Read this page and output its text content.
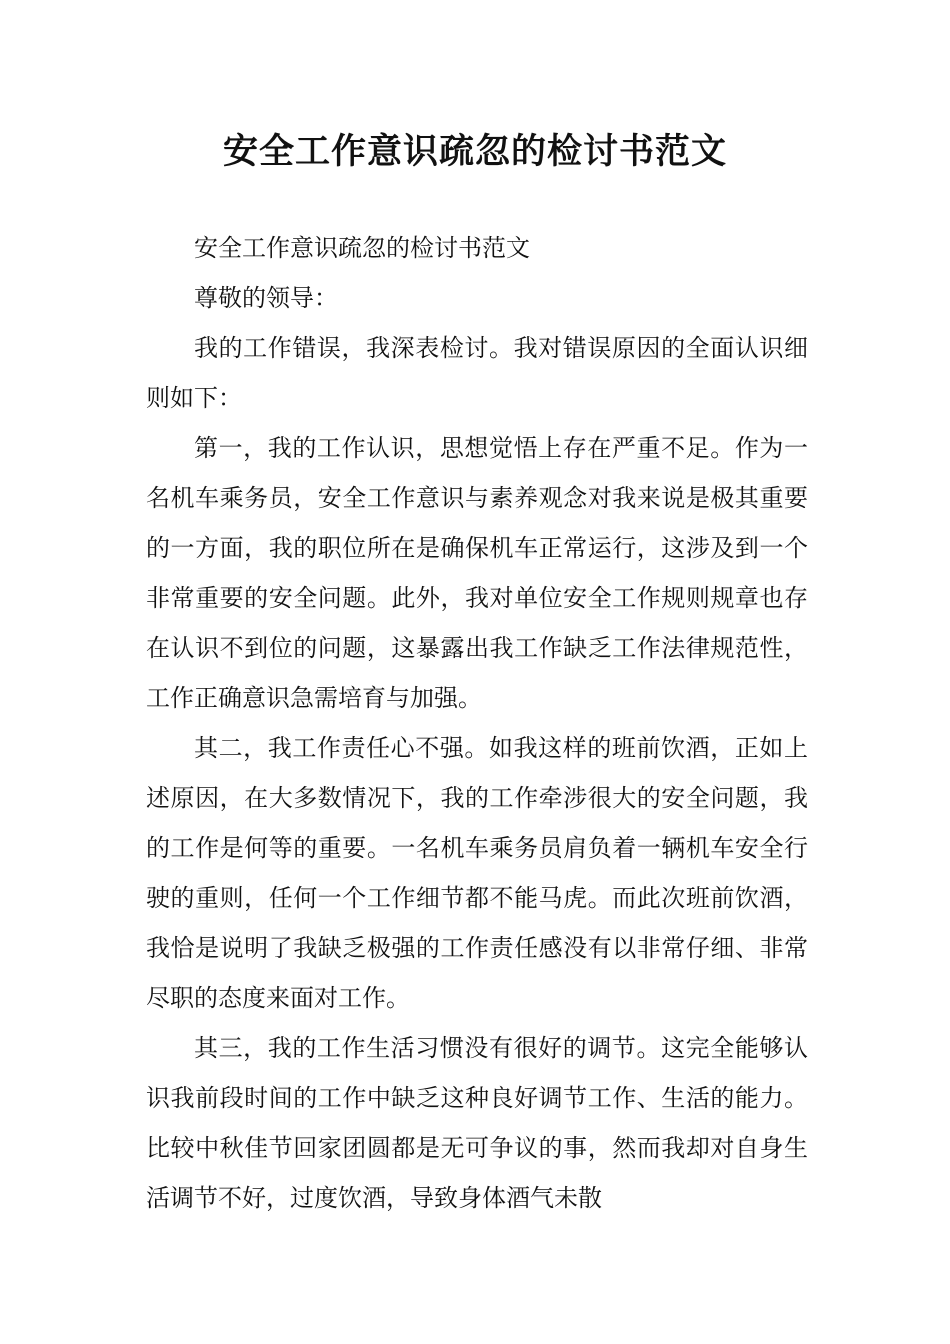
安全工作意识疏忽的检讨书范文

安全工作意识疏忽的检讨书范文

尊敬的领导：

我的工作错误，我深表检讨。我对错误原因的全面认识细则如下：

第一，我的工作认识，思想觉悟上存在严重不足。作为一名机车乘务员，安全工作意识与素养观念对我来说是极其重要的一方面，我的职位所在是确保机车正常运行，这涉及到一个非常重要的安全问题。此外，我对单位安全工作规则规章也存在认识不到位的问题，这暴露出我工作缺乏工作法律规范性，工作正确意识急需培育与加强。

其二，我工作责任心不强。如我这样的班前饮酒，正如上述原因，在大多数情况下，我的工作牵涉很大的安全问题，我的工作是何等的重要。一名机车乘务员肩负着一辆机车安全行驶的重则，任何一个工作细节都不能马虎。而此次班前饮酒，我恰是说明了我缺乏极强的工作责任感没有以非常仔细、非常尽职的态度来面对工作。

其三，我的工作生活习惯没有很好的调节。这完全能够认识我前段时间的工作中缺乏这种良好调节工作、生活的能力。比较中秋佳节回家团圆都是无可争议的事，然而我却对自身生活调节不好，过度饮酒，导致身体酒气未散
